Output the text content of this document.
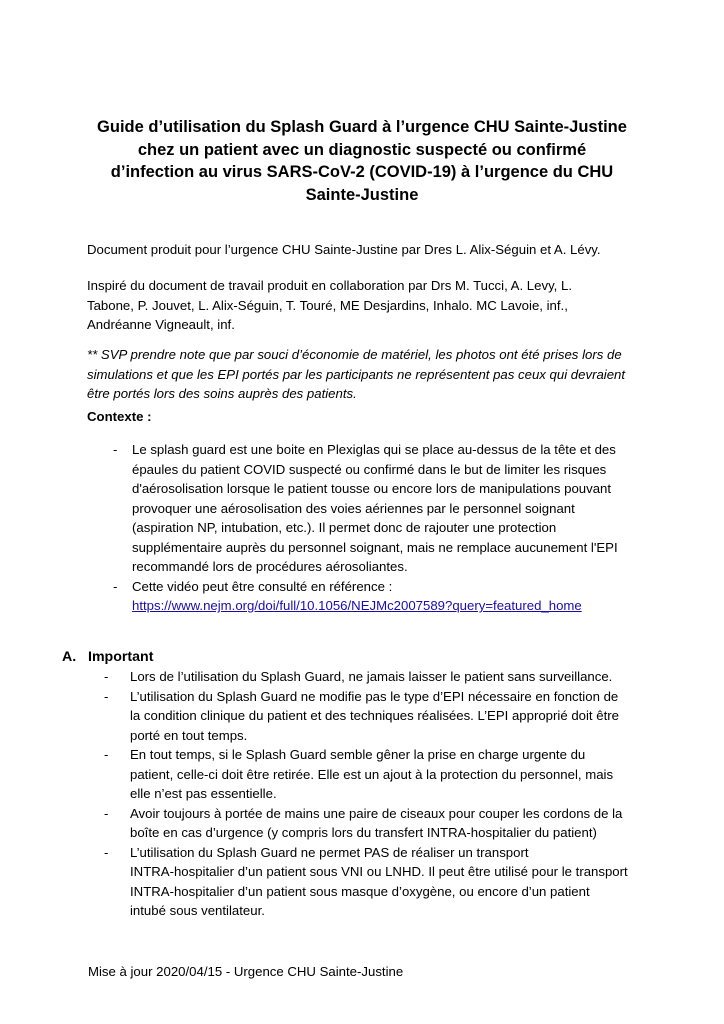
Guide d’utilisation du Splash Guard à l’urgence CHU Sainte-Justine
chez un patient avec un diagnostic suspecté ou confirmé
d’infection au virus SARS-CoV-2 (COVID-19) à l’urgence du CHU
Sainte-Justine

Document produit pour l’urgence CHU Sainte-Justine par Dres L. Alix-Séguin et A. Lévy.

Inspiré du document de travail produit en collaboration par Drs M. Tucci, A. Levy, L.
Tabone, P. Jouvet, L. Alix-Séguin, T. Touré, ME Desjardins, Inhalo. MC Lavoie, inf.,
Andréanne Vigneault, inf.

** SVP prendre note que par souci d’économie de matériel, les photos ont été prises lors de
simulations et que les EPI portés par les participants ne représentent pas ceux qui devraient
être portés lors des soins auprès des patients.

Contexte :

- Le splash guard est une boite en Plexiglas qui se place au-dessus de la tête et des
épaules du patient COVID suspecté ou confirmé dans le but de limiter les risques
d'aérosolisation lorsque le patient tousse ou encore lors de manipulations pouvant
provoquer une aérosolisation des voies aériennes par le personnel soignant
(aspiration NP, intubation, etc.). Il permet donc de rajouter une protection
supplémentaire auprès du personnel soignant, mais ne remplace aucunement l'EPI
recommandé lors de procédures aérosoliantes.
- Cette vidéo peut être consulté en référence :
https://www.nejm.org/doi/full/10.1056/NEJMc2007589?query=featured_home
A. Important
- Lors de l’utilisation du Splash Guard, ne jamais laisser le patient sans surveillance.
- L’utilisation du Splash Guard ne modifie pas le type d’EPI nécessaire en fonction de
la condition clinique du patient et des techniques réalisées. L’EPI approprié doit être
porté en tout temps.
- En tout temps, si le Splash Guard semble gêner la prise en charge urgente du
patient, celle-ci doit être retirée. Elle est un ajout à la protection du personnel, mais
elle n’est pas essentielle.
- Avoir toujours à portée de mains une paire de ciseaux pour couper les cordons de la
boîte en cas d’urgence (y compris lors du transfert INTRA-hospitalier du patient)
- L’utilisation du Splash Guard ne permet PAS de réaliser un transport
INTRA-hospitalier d’un patient sous VNI ou LNHD. Il peut être utilisé pour le transport
INTRA-hospitalier d’un patient sous masque d’oxygène, ou encore d’un patient
intubé sous ventilateur.
Mise à jour 2020/04/15 - Urgence CHU Sainte-Justine
